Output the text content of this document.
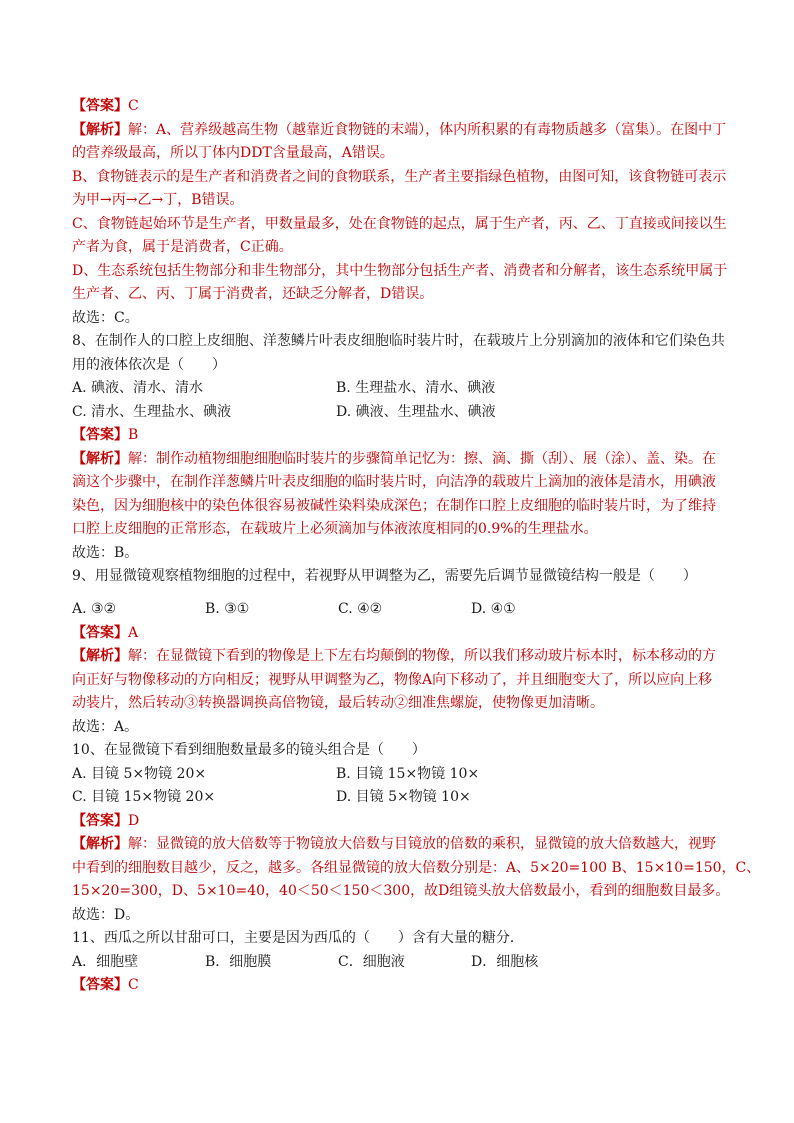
【答案】C
【解析】解：A、营养级越高生物（越靠近食物链的末端），体内所积累的有毒物质越多（富集）。在图中丁
的营养级最高，所以丁体内DDT含量最高，A错误。
B、食物链表示的是生产者和消费者之间的食物联系，生产者主要指绿色植物，由图可知，该食物链可表示
为甲→丙→乙→丁，B错误。
C、食物链起始环节是生产者，甲数量最多，处在食物链的起点，属于生产者，丙、乙、丁直接或间接以生
产者为食，属于是消费者，C正确。
D、生态系统包括生物部分和非生物部分，其中生物部分包括生产者、消费者和分解者，该生态系统甲属于
生产者、乙、丙、丁属于消费者，还缺乏分解者，D错误。
故选：C。
8、在制作人的口腔上皮细胞、洋葱鳞片叶表皮细胞临时装片时，在载玻片上分别滴加的液体和它们染色共
用的液体依次是（　　）
A. 碘液、清水、清水	B. 生理盐水、清水、碘液
C. 清水、生理盐水、碘液	D. 碘液、生理盐水、碘液
【答案】B
【解析】解：制作动植物细胞细胞临时装片的步骤简单记忆为：擦、滴、撕（刮）、展（涂）、盖、染。在
滴这个步骤中，在制作洋葱鳞片叶表皮细胞的临时装片时，向洁净的载玻片上滴加的液体是清水，用碘液
染色，因为细胞核中的染色体很容易被碱性染料染成深色；在制作口腔上皮细胞的临时装片时，为了维持
口腔上皮细胞的正常形态，在载玻片上必须滴加与体液浓度相同的0.9%的生理盐水。
故选：B。
9、用显微镜观察植物细胞的过程中，若视野从甲调整为乙，需要先后调节显微镜结构一般是（　　）
A. ③②	B. ③①	C. ④②	D. ④①
【答案】A
【解析】解：在显微镜下看到的物像是上下左右均颠倒的物像，所以我们移动玻片标本时，标本移动的方
向正好与物像移动的方向相反；视野从甲调整为乙，物像A向下移动了，并且细胞变大了，所以应向上移
动装片，然后转动③转换器调换高倍物镜，最后转动②细准焦螺旋，使物像更加清晰。
故选：A。
10、在显微镜下看到细胞数量最多的镜头组合是（　　）
A. 目镜 5×物镜 20×	B. 目镜 15×物镜 10×
C. 目镜 15×物镜 20×	D. 目镜 5×物镜 10×
【答案】D
【解析】解：显微镜的放大倍数等于物镜放大倍数与目镜放的倍数的乘积，显微镜的放大倍数越大，视野
中看到的细胞数目越少，反之，越多。各组显微镜的放大倍数分别是：A、5×20=100 B、15×10=150，C、
15×20=300，D、5×10=40，40＜50＜150＜300，故D组镜头放大倍数最小，看到的细胞数目最多。
故选：D。
11、西瓜之所以甘甜可口，主要是因为西瓜的（　　）含有大量的糖分．
A．细胞壁	B．细胞膜	C．细胞液	D．细胞核
【答案】C
